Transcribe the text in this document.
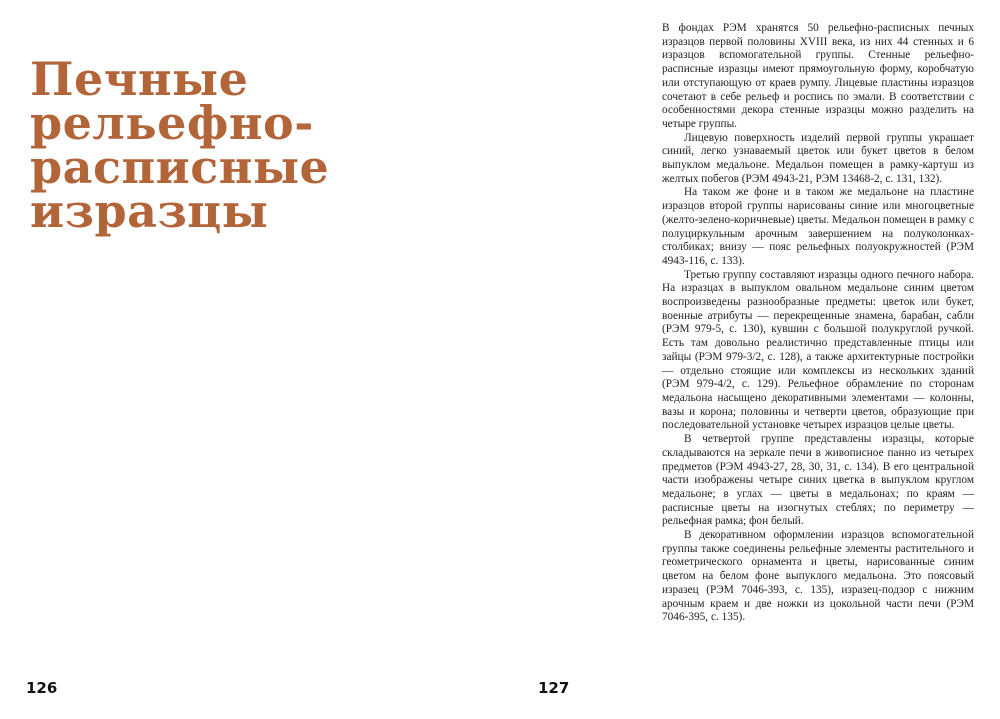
Печные
рельефно-
расписные
изразцы
126

В фондах РЭМ хранятся 50 рельефно-расписных печных изразцов первой половины XVIII века, из них 44 стенных и 6 изразцов вспомогательной группы. Стенные рельефно-расписные изразцы имеют прямоугольную форму, коробчатую или отступающую от краев румпу. Лицевые пластины изразцов сочетают в себе рельеф и роспись по эмали. В соответствии с особенностями декора стенные изразцы можно разделить на четыре группы.

Лицевую поверхность изделий первой группы украшает синий, легко узнаваемый цветок или букет цветов в белом выпуклом медальоне. Медальон помещен в рамку-картуш из желтых побегов (РЭМ 4943-21, РЭМ 13468-2, с. 131, 132).

На таком же фоне и в таком же медальоне на пластине изразцов второй группы нарисованы синие или многоцветные (желто-зелено-коричневые) цветы. Медальон помещен в рамку с полуциркульным арочным завершением на полуколонках-столбиках; внизу — пояс рельефных полуокружностей (РЭМ 4943-116, с. 133).

Третью группу составляют изразцы одного печного набора. На изразцах в выпуклом овальном медальоне синим цветом воспроизведены разнообразные предметы: цветок или букет, военные атрибуты — перекрещенные знамена, барабан, сабли (РЭМ 979-5, с. 130), кувшин с большой полукруглой ручкой. Есть там довольно реалистично представленные птицы или зайцы (РЭМ 979-3/2, с. 128), а также архитектурные постройки — отдельно стоящие или комплексы из нескольких зданий (РЭМ 979-4/2, с. 129). Рельефное обрамление по сторонам медальона насыщено декоративными элементами — колонны, вазы и корона; половины и четверти цветов, образующие при последовательной установке четырех изразцов целые цветы.

В четвертой группе представлены изразцы, которые складываются на зеркале печи в живописное панно из четырех предметов (РЭМ 4943-27, 28, 30, 31, с. 134). В его центральной части изображены четыре синих цветка в выпуклом круглом медальоне; в углах — цветы в медальонах; по краям — расписные цветы на изогнутых стеблях; по периметру — рельефная рамка; фон белый.

В декоративном оформлении изразцов вспомогательной группы также соединены рельефные элементы растительного и геометрического орнамента и цветы, нарисованные синим цветом на белом фоне выпуклого медальона. Это поясовый изразец (РЭМ 7046-393, с. 135), изразец-подзор с нижним арочным краем и две ножки из цокольной части печи (РЭМ 7046-395, с. 135).

127
